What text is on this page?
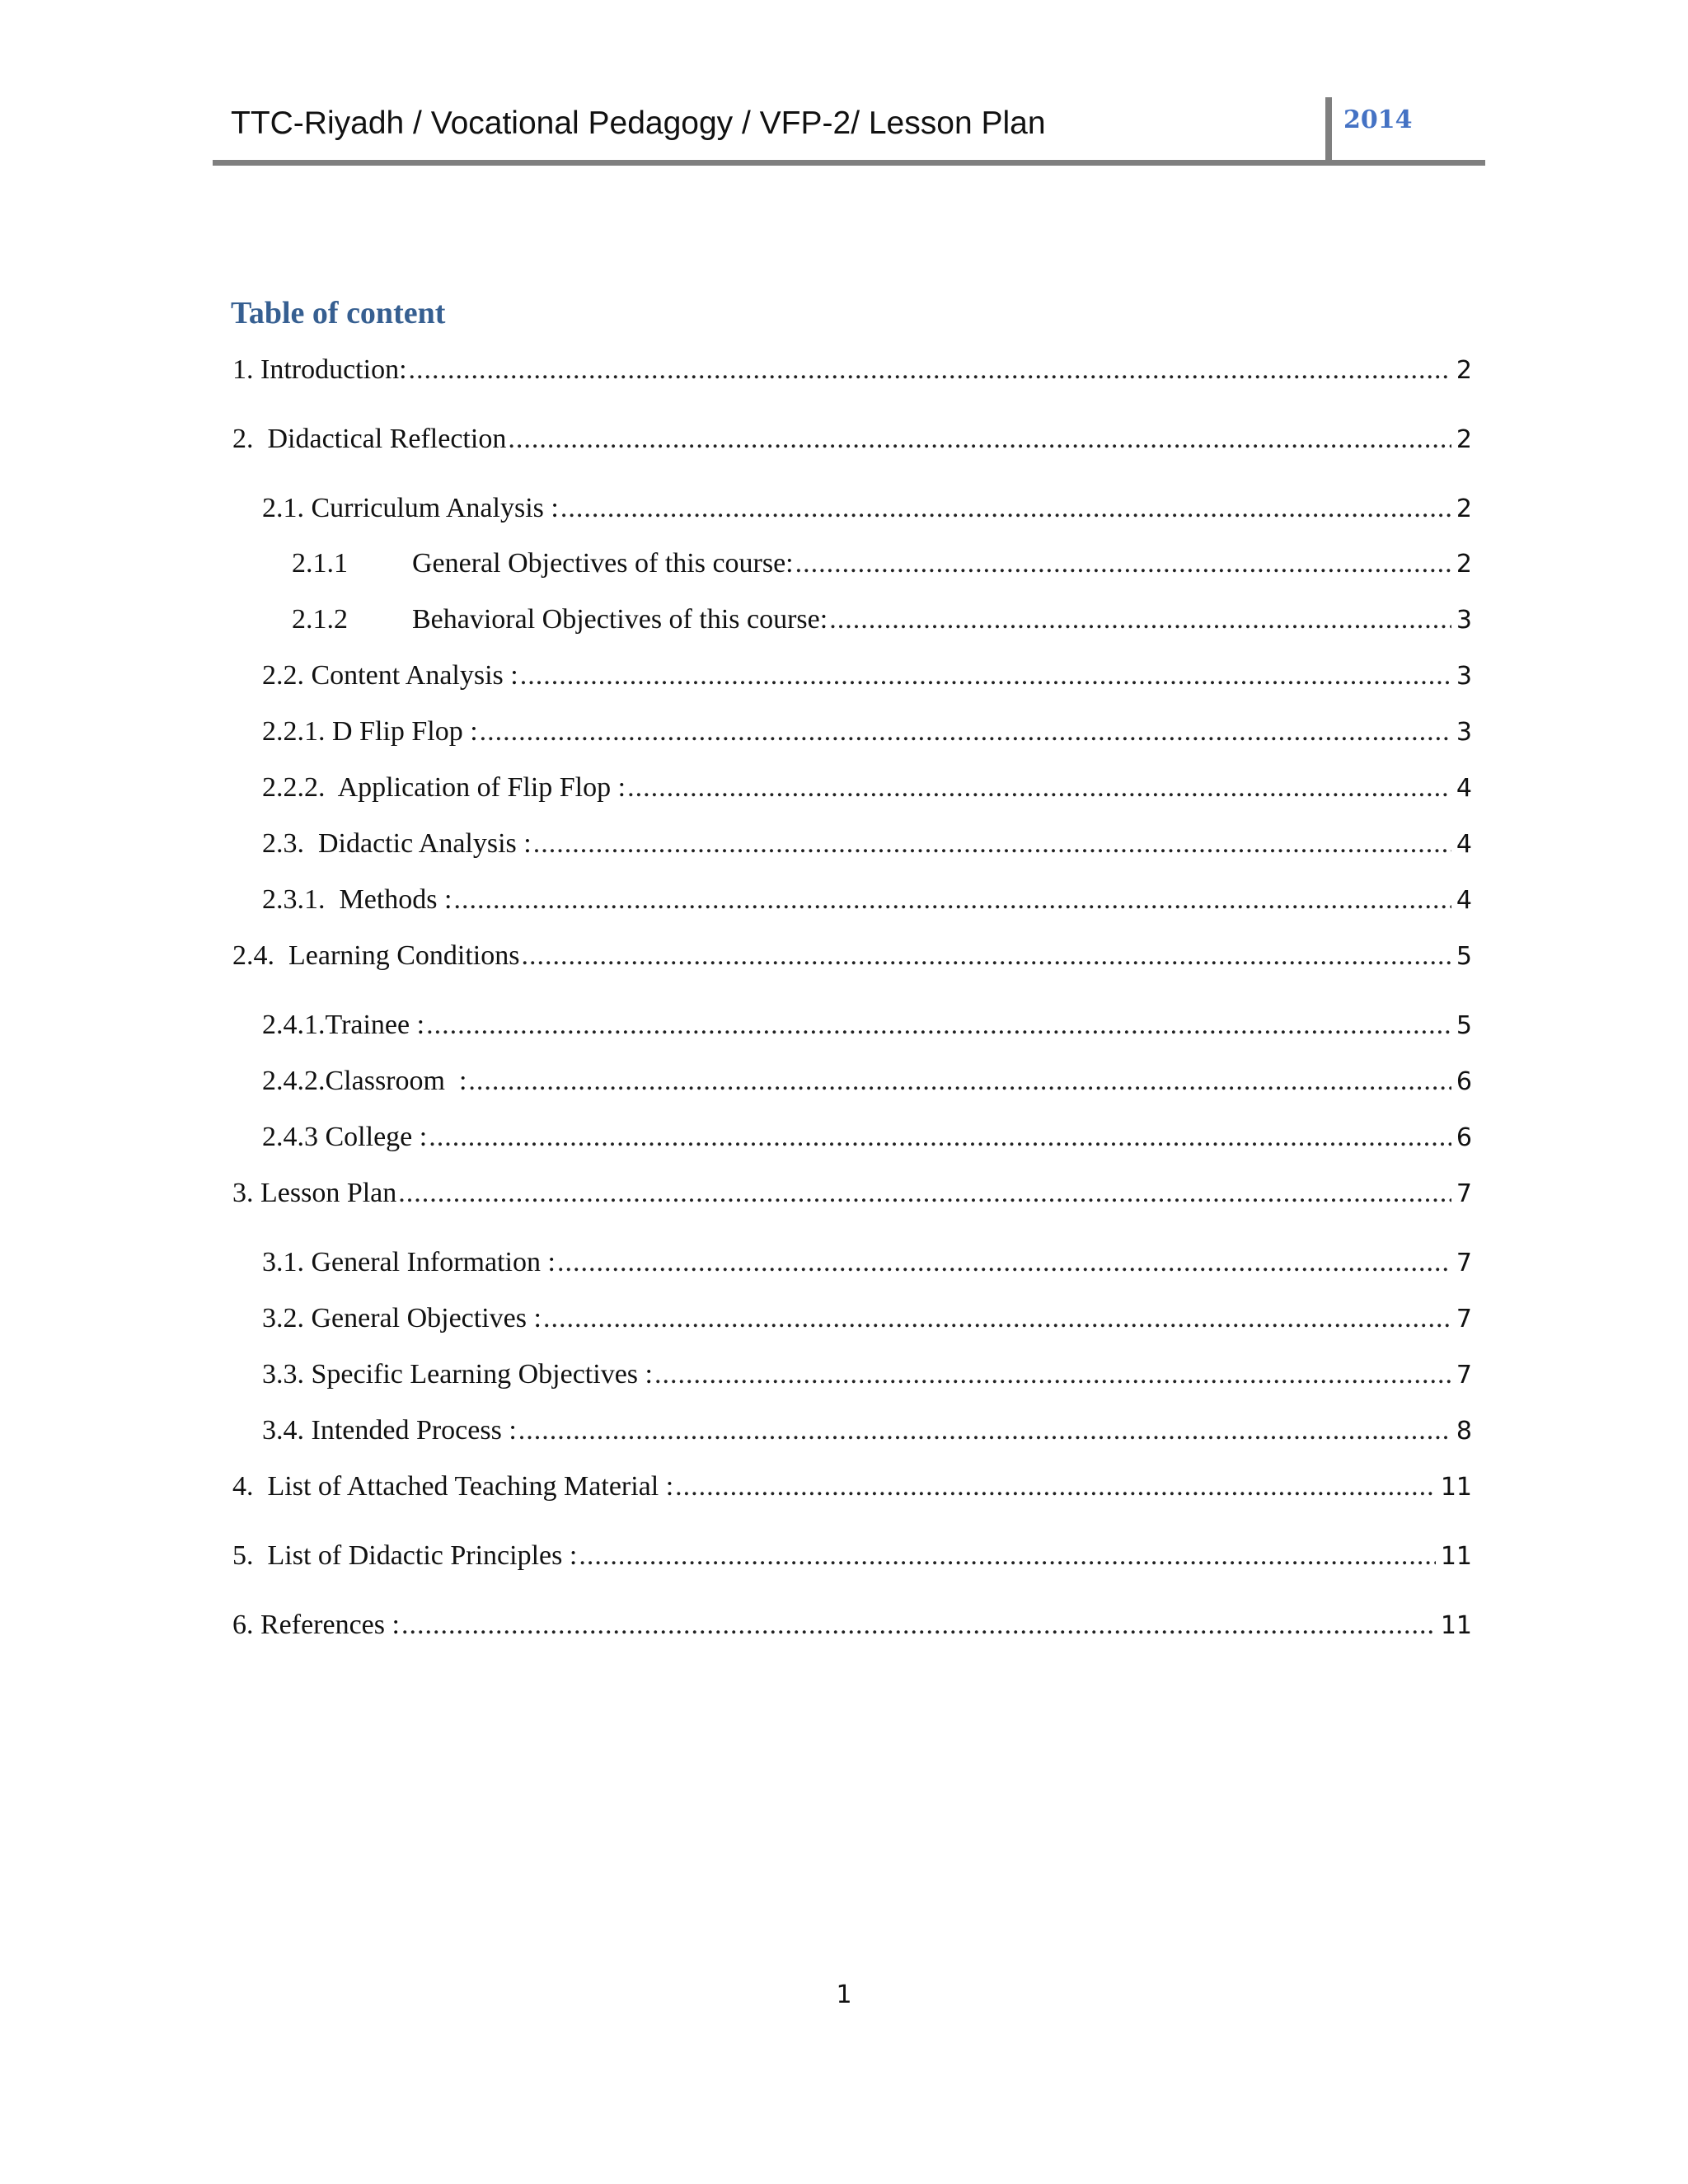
TTC-Riyadh / Vocational Pedagogy / VFP-2/ Lesson Plan	2014
Table of content
1. Introduction: .....	2
2.  Didactical Reflection .....	2
2.1. Curriculum Analysis : .....	2
2.1.1	General Objectives of this course: .....	2
2.1.2	Behavioral Objectives of this course: .....	3
2.2. Content Analysis : .....	3
2.2.1. D Flip Flop : .....	3
2.2.2.  Application of Flip Flop : .....	4
2.3.  Didactic Analysis : .....	4
2.3.1.  Methods : .....	4
2.4.  Learning Conditions .....	5
2.4.1.Trainee : .....	5
2.4.2.Classroom  : .....	6
2.4.3 College : .....	6
3. Lesson Plan .....	7
3.1. General Information : .....	7
3.2. General Objectives : .....	7
3.3. Specific Learning Objectives : .....	7
3.4. Intended Process : .....	8
4.  List of Attached Teaching Material : .....	11
5.  List of Didactic Principles : .....	11
6. References : .....	11
1
